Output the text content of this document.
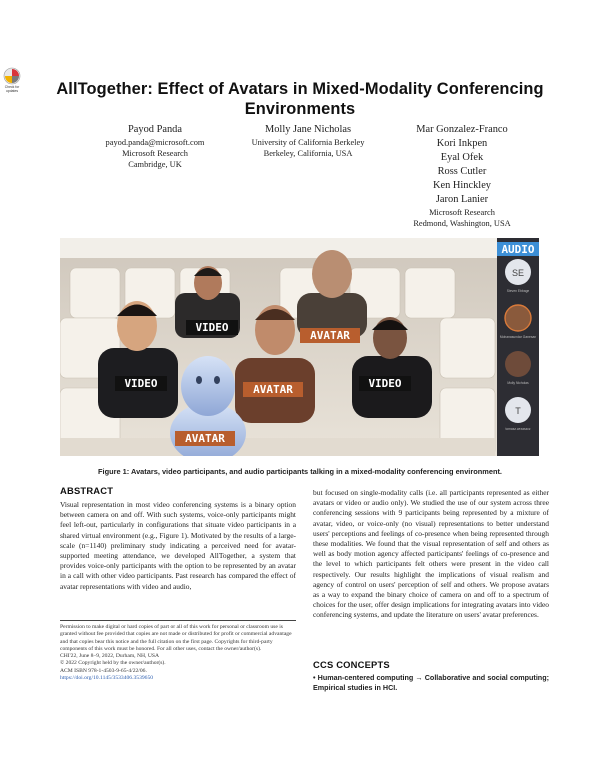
Check for
updates	AllTogether: Effect of Avatars in Mixed-Modality Conferencing
Environments
Payod Panda
payod.panda@microsoft.com
Microsoft Research
Cambridge, UK
Molly Jane Nicholas
University of California Berkeley
Berkeley, California, USA
Mar Gonzalez-Franco
Kori Inkpen
Eyal Ofek
Ross Cutler
Ken Hinckley
Jaron Lanier
Microsoft Research
Redmond, Washington, USA
VIDEO
AVATAR
VIDEO	AVATAR	VIDEO
AVATAR
AUDIO
SE
Steven Ebbage
Mohanasundar Ganesan
Molly Nicholas
T
tomasz.wrzaszcz
Figure 1: Avatars, video participants, and audio participants talking in a mixed-modality conferencing environment.
ABSTRACT
Visual representation in most video conferencing systems is a binary option between camera on and off. With such systems, voice-only participants might feel left-out, particularly in configurations that situate video participants in a shared virtual environment (e.g., Figure 1). Motivated by the results of a large-scale (n=1140) preliminary study indicating a perceived need for avatar-supported meeting attendance, we developed AllTogether, a system that provides voice-only participants with the option to be represented by an avatar in a call with other video participants. Past research has compared the effect of avatar representations with video and audio,
but focused on single-modality calls (i.e. all participants represented as either avatars or video or audio only). We studied the use of our system across three conferencing sessions with 9 participants being represented by a mixture of avatar, video, or voice-only (no visual) representations to better understand users' perceptions and feelings of co-presence when being represented through these modalities. We found that the visual representation of self and others as well as body motion agency affected participants' feelings of co-presence and the level to which participants felt others were present in the video call respectively. Our results highlight the implications of visual realism and agency of control on users' perception of self and others. We propose avatars as a way to expand the binary choice of camera on and off to a spectrum of choices for the user, offer design implications for integrating avatars into video conferencing systems, and update the literature on users' avatar preferences.
Permission to make digital or hard copies of part or all of this work for personal or classroom use is granted without fee provided that copies are not made or distributed for profit or commercial advantage and that copies bear this notice and the full citation on the first page. Copyrights for third-party components of this work must be honored. For all other uses, contact the owner/author(s).
CHI'22, June 8–9, 2022, Durham, NH, USA
© 2022 Copyright held by the owner/author(s).
ACM ISBN 978-1-4503-9-65-4/22/06.
https://doi.org/10.1145/3533406.3539650
CCS CONCEPTS
• Human-centered computing → Collaborative and social computing; Empirical studies in HCI.
